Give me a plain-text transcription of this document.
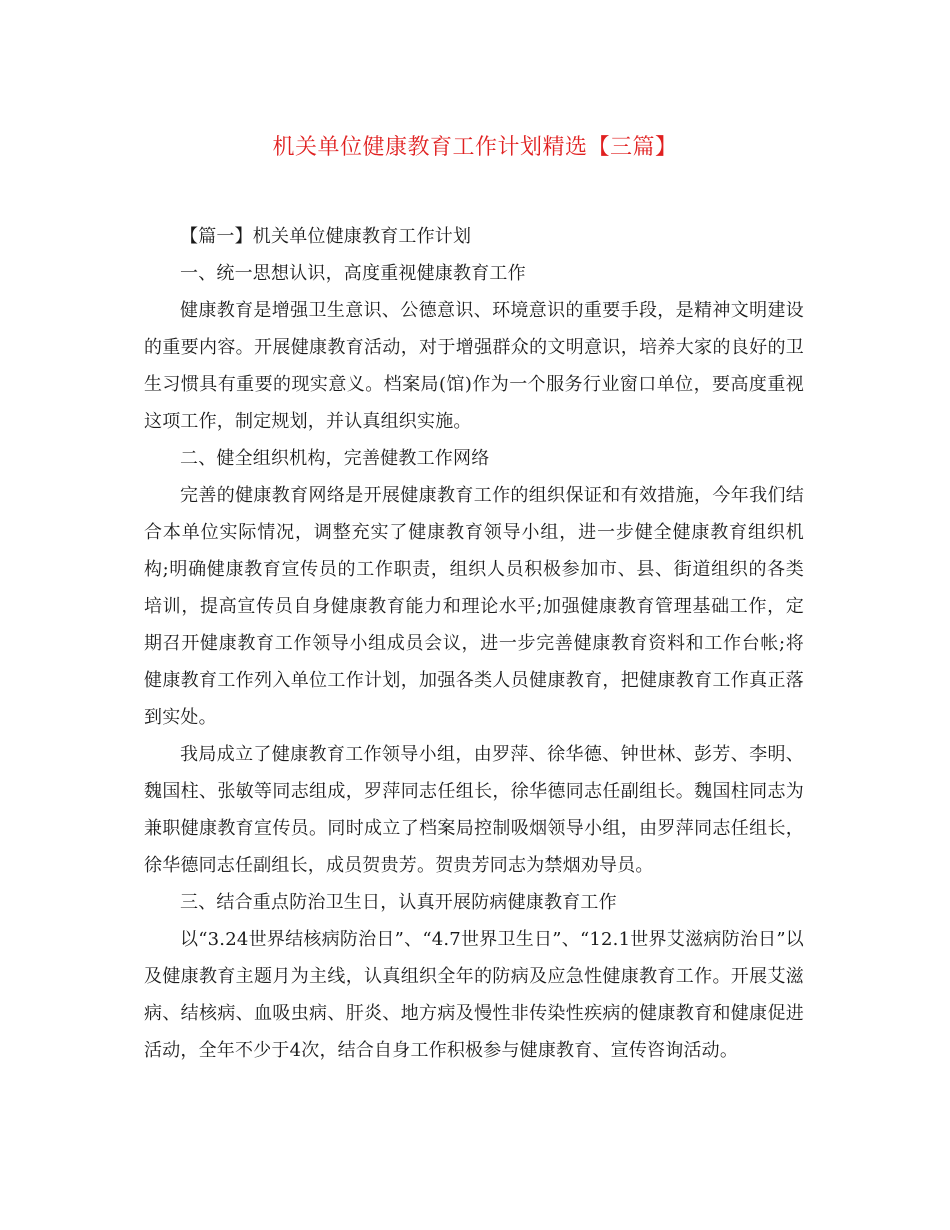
机关单位健康教育工作计划精选【三篇】

【篇一】机关单位健康教育工作计划

一、统一思想认识，高度重视健康教育工作

健康教育是增强卫生意识、公德意识、环境意识的重要手段，是精神文明建设的重要内容。开展健康教育活动，对于增强群众的文明意识，培养大家的良好的卫生习惯具有重要的现实意义。档案局(馆)作为一个服务行业窗口单位，要高度重视这项工作，制定规划，并认真组织实施。

二、健全组织机构，完善健教工作网络

完善的健康教育网络是开展健康教育工作的组织保证和有效措施，今年我们结合本单位实际情况，调整充实了健康教育领导小组，进一步健全健康教育组织机构;明确健康教育宣传员的工作职责，组织人员积极参加市、县、街道组织的各类培训，提高宣传员自身健康教育能力和理论水平;加强健康教育管理基础工作，定期召开健康教育工作领导小组成员会议，进一步完善健康教育资料和工作台帐;将健康教育工作列入单位工作计划，加强各类人员健康教育，把健康教育工作真正落到实处。

我局成立了健康教育工作领导小组，由罗萍、徐华德、钟世林、彭芳、李明、魏国柱、张敏等同志组成，罗萍同志任组长，徐华德同志任副组长。魏国柱同志为兼职健康教育宣传员。同时成立了档案局控制吸烟领导小组，由罗萍同志任组长，徐华德同志任副组长，成员贺贵芳。贺贵芳同志为禁烟劝导员。

三、结合重点防治卫生日，认真开展防病健康教育工作

以“3.24世界结核病防治日”、“4.7世界卫生日”、“12.1世界艾滋病防治日”以及健康教育主题月为主线，认真组织全年的防病及应急性健康教育工作。开展艾滋病、结核病、血吸虫病、肝炎、地方病及慢性非传染性疾病的健康教育和健康促进活动，全年不少于4次，结合自身工作积极参与健康教育、宣传咨询活动。
